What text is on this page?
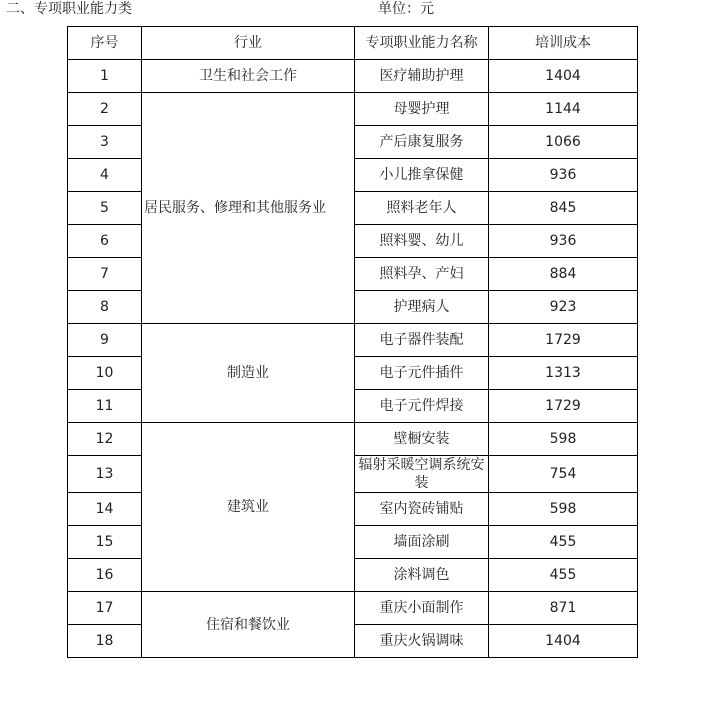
二、专项职业能力类	单位：元
序号	行业	专项职业能力名称	培训成本
1	卫生和社会工作	医疗辅助护理	1404
2	居民服务、修理和其他服务业	母婴护理	1144
3		产后康复服务	1066
4		小儿推拿保健	936
5		照料老年人	845
6		照料婴、幼儿	936
7		照料孕、产妇	884
8		护理病人	923
9	制造业	电子器件装配	1729
10		电子元件插件	1313
11		电子元件焊接	1729
12	建筑业	壁橱安装	598
13		辐射采暖空调系统安装	754
14		室内瓷砖铺贴	598
15		墙面涂刷	455
16		涂料调色	455
17	住宿和餐饮业	重庆小面制作	871
18		重庆火锅调味	1404
